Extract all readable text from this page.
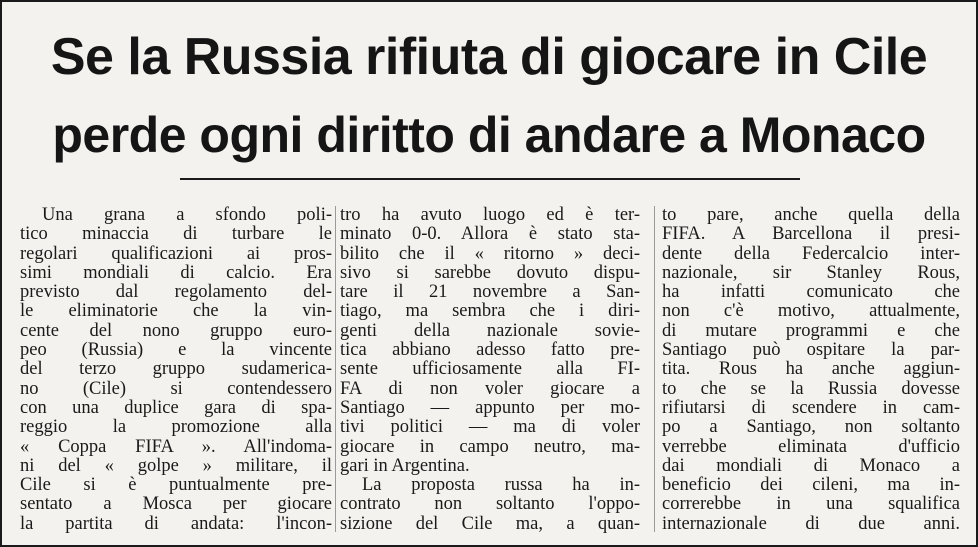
Se la Russia rifiuta di giocare in Cile
perde ogni diritto di andare a Monaco

Una grana a sfondo poli-

tico minaccia di turbare le

regolari qualificazioni ai pros-

simi mondiali di calcio. Era

previsto dal regolamento del-

le eliminatorie che la vin-

cente del nono gruppo euro-

peo (Russia) e la vincente

del terzo gruppo sudamerica-

no (Cile) si contendessero

con una duplice gara di spa-

reggio la promozione alla

« Coppa FIFA ». All'indoma-

ni del « golpe » militare, il

Cile si è puntualmente pre-

sentato a Mosca per giocare

la partita di andata: l'incon-

tro ha avuto luogo ed è ter-

minato 0-0. Allora è stato sta-

bilito che il « ritorno » deci-

sivo si sarebbe dovuto dispu-

tare il 21 novembre a San-

tiago, ma sembra che i diri-

genti della nazionale sovie-

tica abbiano adesso fatto pre-

sente ufficiosamente alla FI-

FA di non voler giocare a

Santiago — appunto per mo-

tivi politici — ma di voler

giocare in campo neutro, ma-

gari in Argentina.

La proposta russa ha in-

contrato non soltanto l'oppo-

sizione del Cile ma, a quan-

to pare, anche quella della

FIFA. A Barcellona il presi-

dente della Federcalcio inter-

nazionale, sir Stanley Rous,

ha infatti comunicato che

non c'è motivo, attualmente,

di mutare programmi e che

Santiago può ospitare la par-

tita. Rous ha anche aggiun-

to che se la Russia dovesse

rifiutarsi di scendere in cam-

po a Santiago, non soltanto

verrebbe eliminata d'ufficio

dai mondiali di Monaco a

beneficio dei cileni, ma in-

correrebbe in una squalifica

internazionale di due anni.
